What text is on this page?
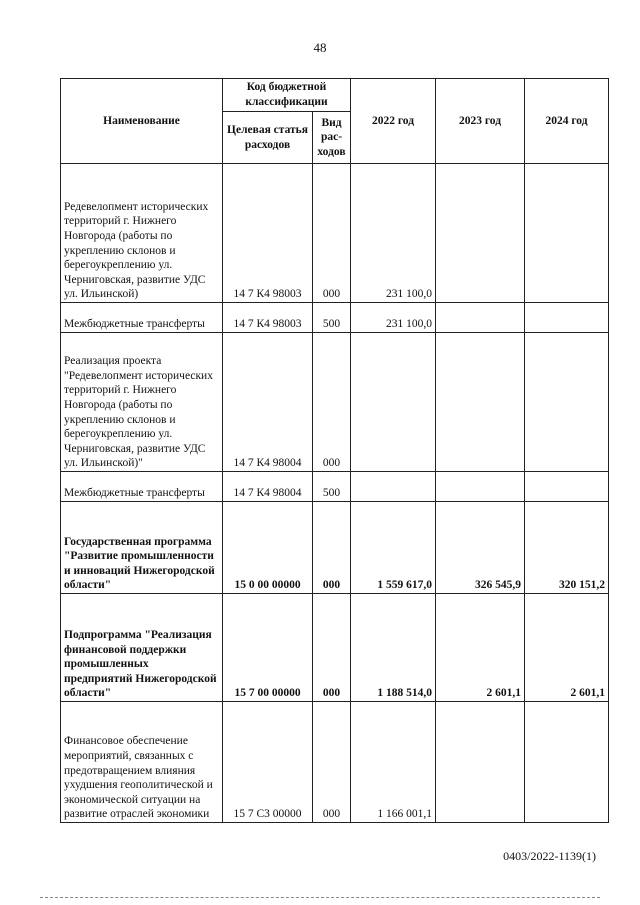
48
Наименование	Код бюджетной классификации		2022 год	2023 год	2024 год
	Целевая статья расходов	Вид рас-ходов			
Редевелопмент исторических территорий г. Нижнего Новгорода (работы по укреплению склонов и берегоукреплению ул. Черниговская, развитие УДС ул. Ильинской)	14 7 К4 98003	000	231 100,0		
Межбюджетные трансферты	14 7 К4 98003	500	231 100,0		
Реализация проекта "Редевелопмент исторических территорий г. Нижнего Новгорода (работы по укреплению склонов и берегоукреплению ул. Черниговская, развитие УДС ул. Ильинской)"	14 7 К4 98004	000			
Межбюджетные трансферты	14 7 К4 98004	500			
Государственная программа "Развитие промышленности и инноваций Нижегородской области"	15 0 00 00000	000	1 559 617,0	326 545,9	320 151,2
Подпрограмма "Реализация финансовой поддержки промышленных предприятий Нижегородской области"	15 7 00 00000	000	1 188 514,0	2 601,1	2 601,1
Финансовое обеспечение мероприятий, связанных с предотвращением влияния ухудшения геополитической и экономической ситуации на развитие отраслей экономики	15 7 С3 00000	000	1 166 001,1		
0403/2022-1139(1)
